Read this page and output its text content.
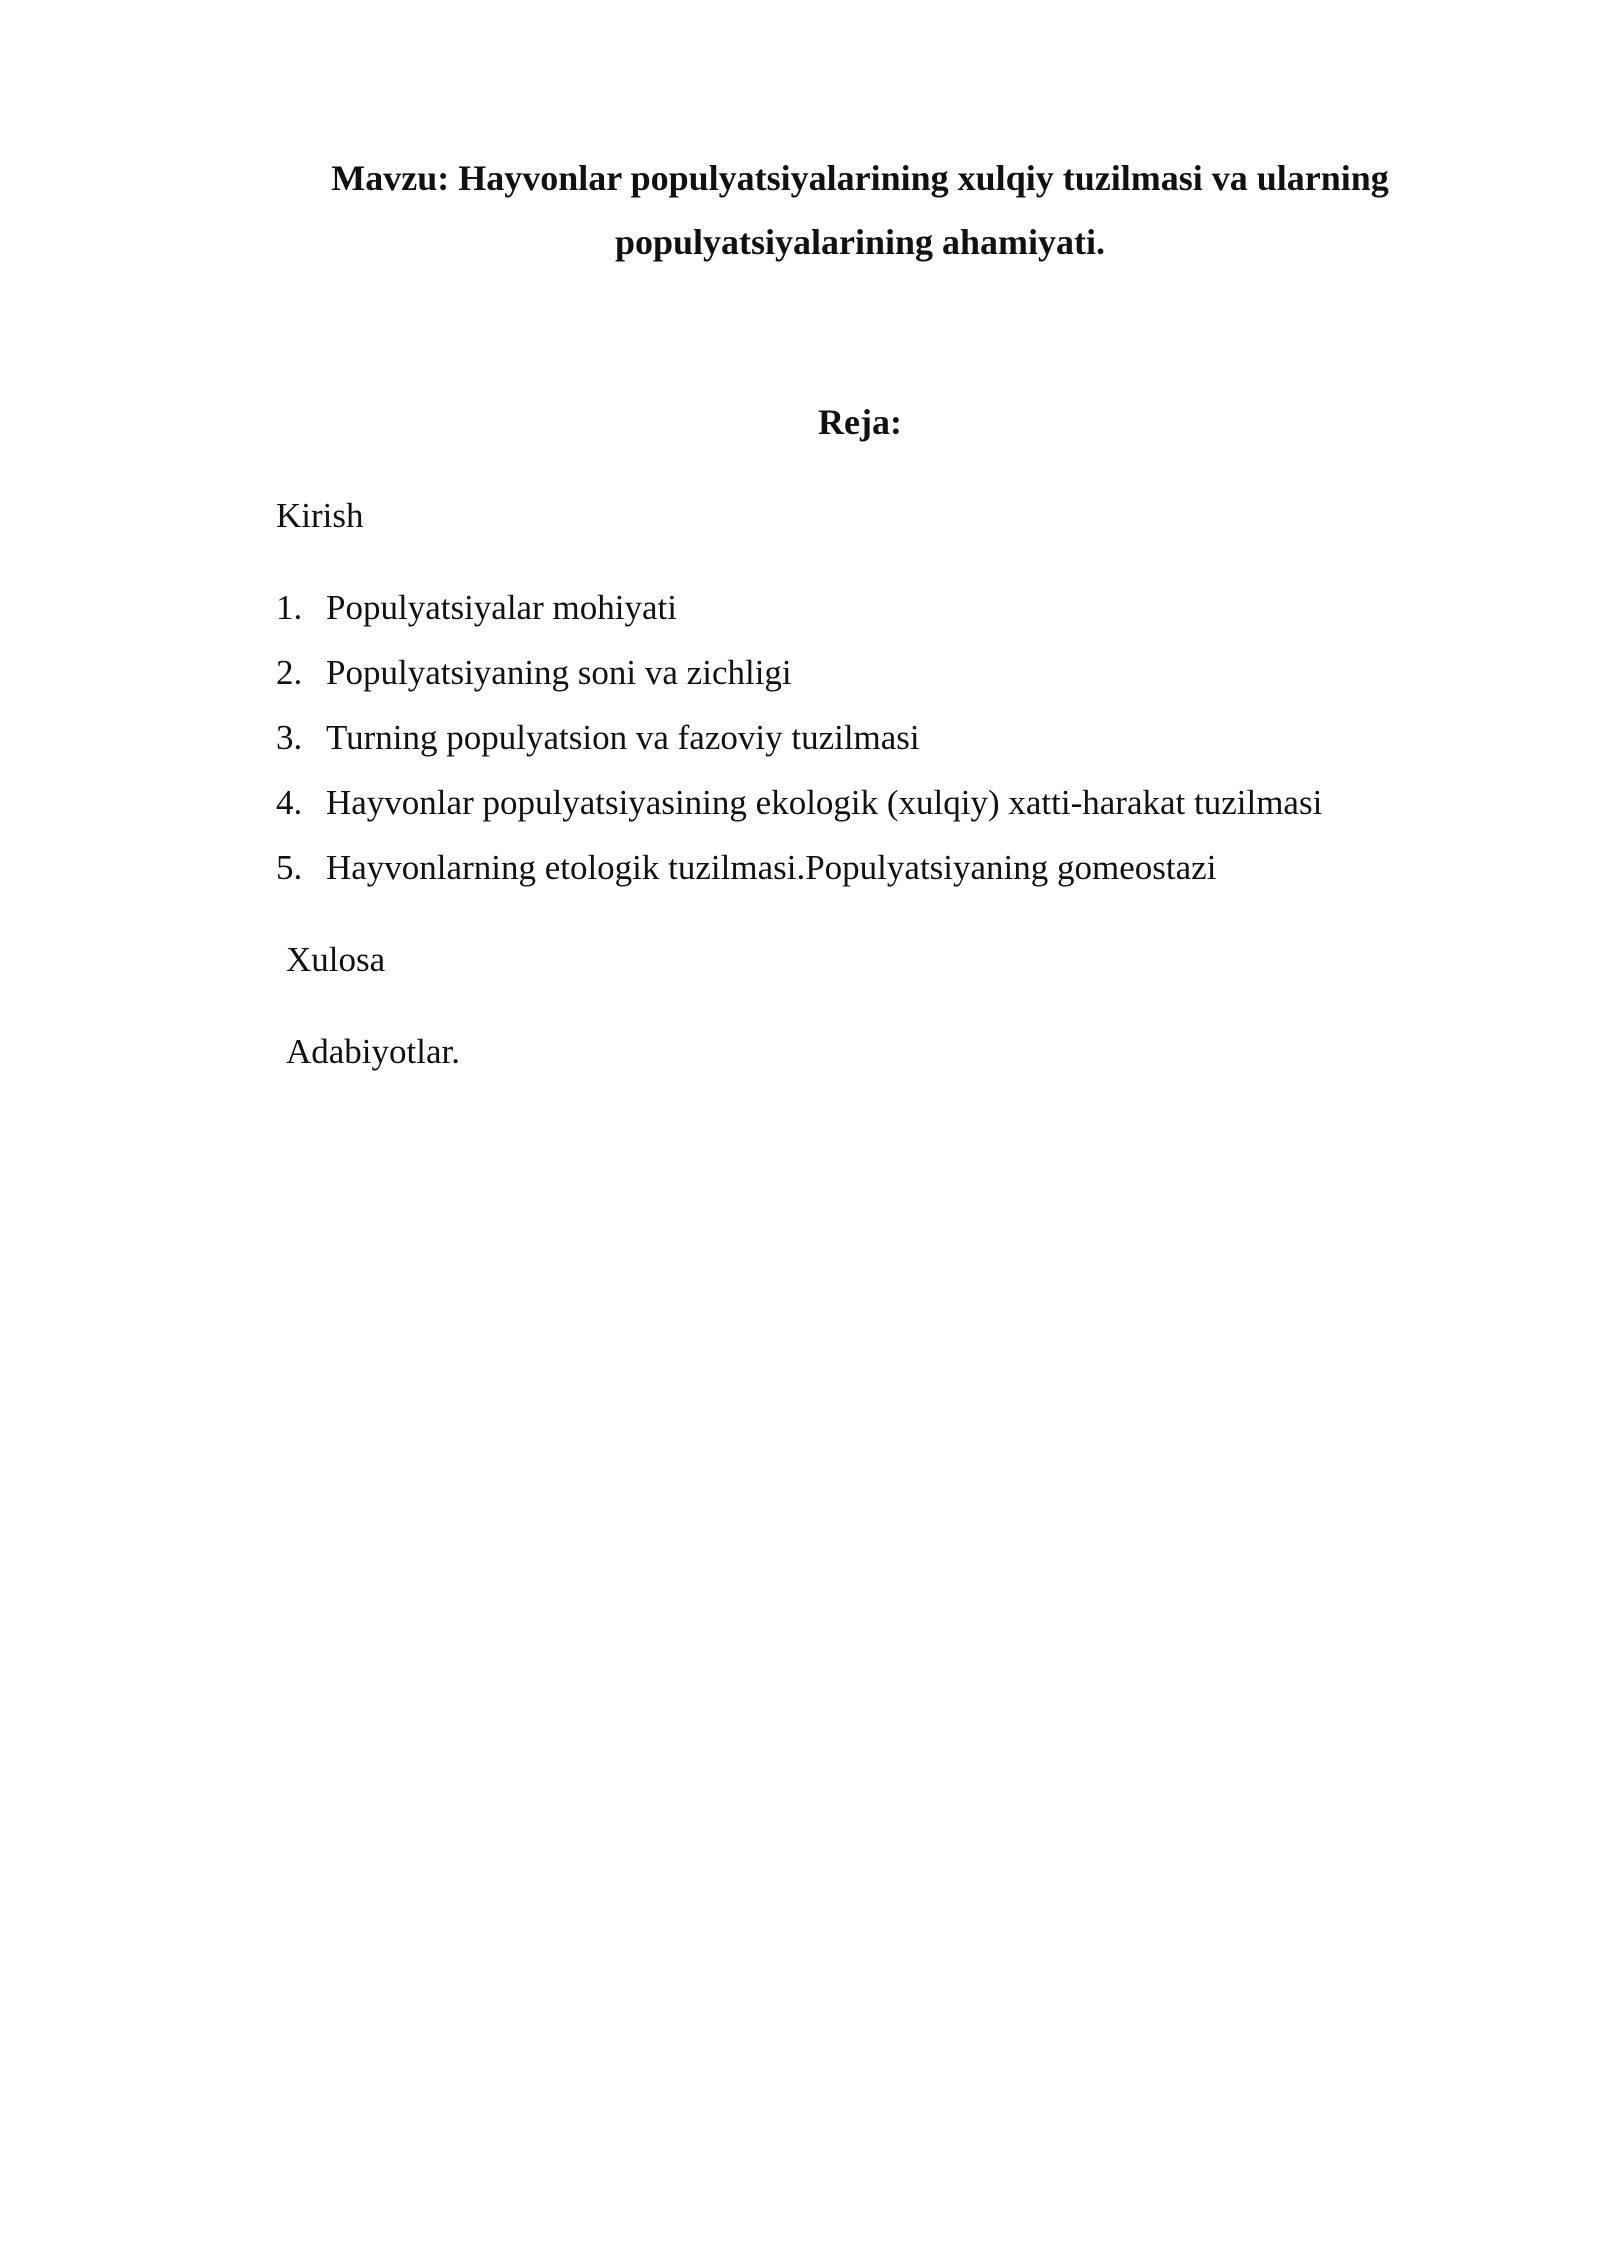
Mavzu: Hayvonlar populyatsiyalarining xulqiy tuzilmasi va ularning
populyatsiyalarining ahamiyati.
Reja:

Kirish

1. Populyatsiyalar mohiyati
2. Populyatsiyaning soni va zichligi
3. Turning populyatsion va fazoviy tuzilmasi
4. Hayvonlar populyatsiyasining ekologik (xulqiy) xatti-harakat tuzilmasi
5. Hayvonlarning etologik tuzilmasi.Populyatsiyaning gomeostazi

Xulosa

Adabiyotlar.
